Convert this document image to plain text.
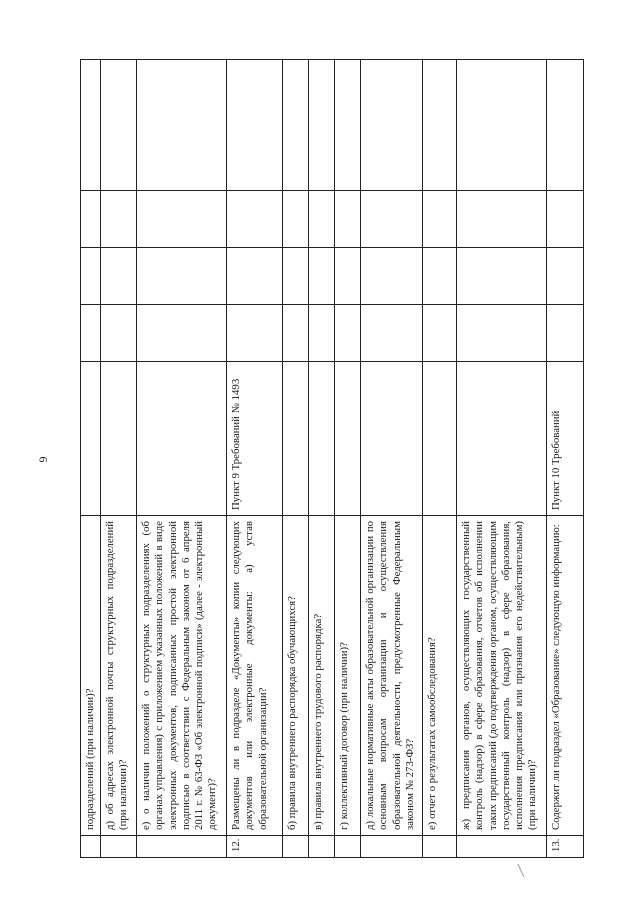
6
	подразделений (при наличии)?					
	д) об адресах электронной почты структурных подразделений (при наличии)?					
	е) о наличии положений о структурных подразделениях (об органах управления) с приложением указанных положений в виде электронных документов, подписанных простой электронной подписью в соответствии с Федеральным законом от 6 апреля 2011 г. № 63-ФЗ «Об электронной подписи» (далее - электронный документ)?					
12.	Размещены ли в подразделе «Документы» копии следующих документов или электронные документы: а) устав образовательной организации?	Пункт 9 Требований № 1493				
	б) правила внутреннего распорядка обучающихся?					
	в) правила внутреннего трудового распорядка?					
	г) коллективный договор (при наличии)?					
	д) локальные нормативные акты образовательной организации по основным вопросам организации и осуществления образовательной деятельности, предусмотренные Федеральным законом № 273-ФЗ?					
	е) отчет о результатах самообследования?					
	ж) предписания органов, осуществляющих государственный контроль (надзор) в сфере образования, отчетов об исполнении таких предписаний (до подтверждения органом, осуществляющим государственный контроль (надзор) в сфере образования, исполнения предписания или признания его недействительным) (при наличии)?					
13.	Содержит ли подраздел «Образование» следующую информацию:	Пункт 10 Требований				
